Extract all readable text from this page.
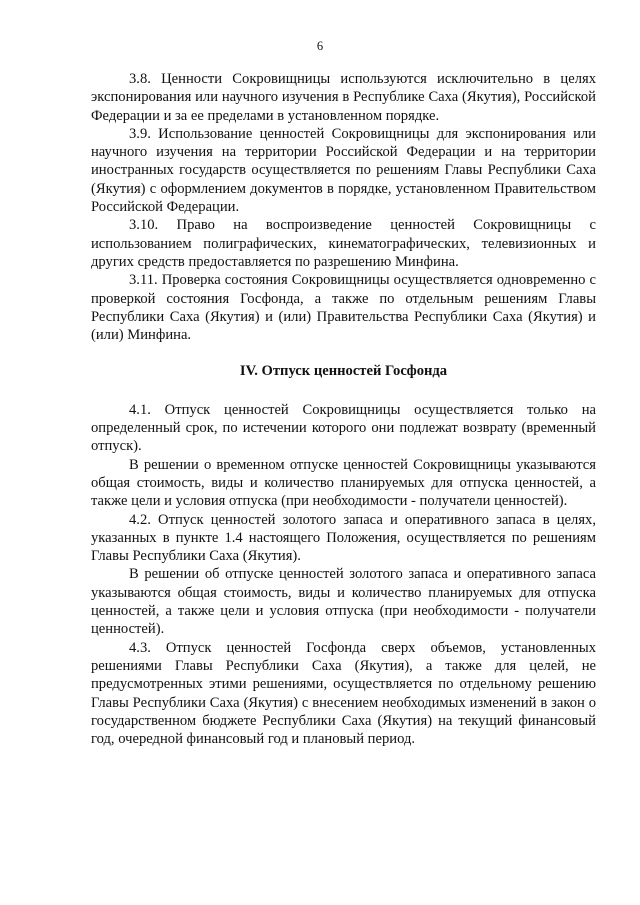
6

3.8. Ценности Сокровищницы используются исключительно в целях экспонирования или научного изучения в Республике Саха (Якутия), Российской Федерации и за ее пределами в установленном порядке.

3.9. Использование ценностей Сокровищницы для экспонирования или научного изучения на территории Российской Федерации и на территории иностранных государств осуществляется по решениям Главы Республики Саха (Якутия) с оформлением документов в порядке, установленном Правительством Российской Федерации.

3.10. Право на воспроизведение ценностей Сокровищницы с использованием полиграфических, кинематографических, телевизионных и других средств предоставляется по разрешению Минфина.

3.11. Проверка состояния Сокровищницы осуществляется одновременно с проверкой состояния Госфонда, а также по отдельным решениям Главы Республики Саха (Якутия) и (или) Правительства Республики Саха (Якутия) и (или) Минфина.

IV. Отпуск ценностей Госфонда

4.1. Отпуск ценностей Сокровищницы осуществляется только на определенный срок, по истечении которого они подлежат возврату (временный отпуск).

В решении о временном отпуске ценностей Сокровищницы указываются общая стоимость, виды и количество планируемых для отпуска ценностей, а также цели и условия отпуска (при необходимости - получатели ценностей).

4.2. Отпуск ценностей золотого запаса и оперативного запаса в целях, указанных в пункте 1.4 настоящего Положения, осуществляется по решениям Главы Республики Саха (Якутия).

В решении об отпуске ценностей золотого запаса и оперативного запаса указываются общая стоимость, виды и количество планируемых для отпуска ценностей, а также цели и условия отпуска (при необходимости - получатели ценностей).

4.3. Отпуск ценностей Госфонда сверх объемов, установленных решениями Главы Республики Саха (Якутия), а также для целей, не предусмотренных этими решениями, осуществляется по отдельному решению Главы Республики Саха (Якутия) с внесением необходимых изменений в закон о государственном бюджете Республики Саха (Якутия) на текущий финансовый год, очередной финансовый год и плановый период.
